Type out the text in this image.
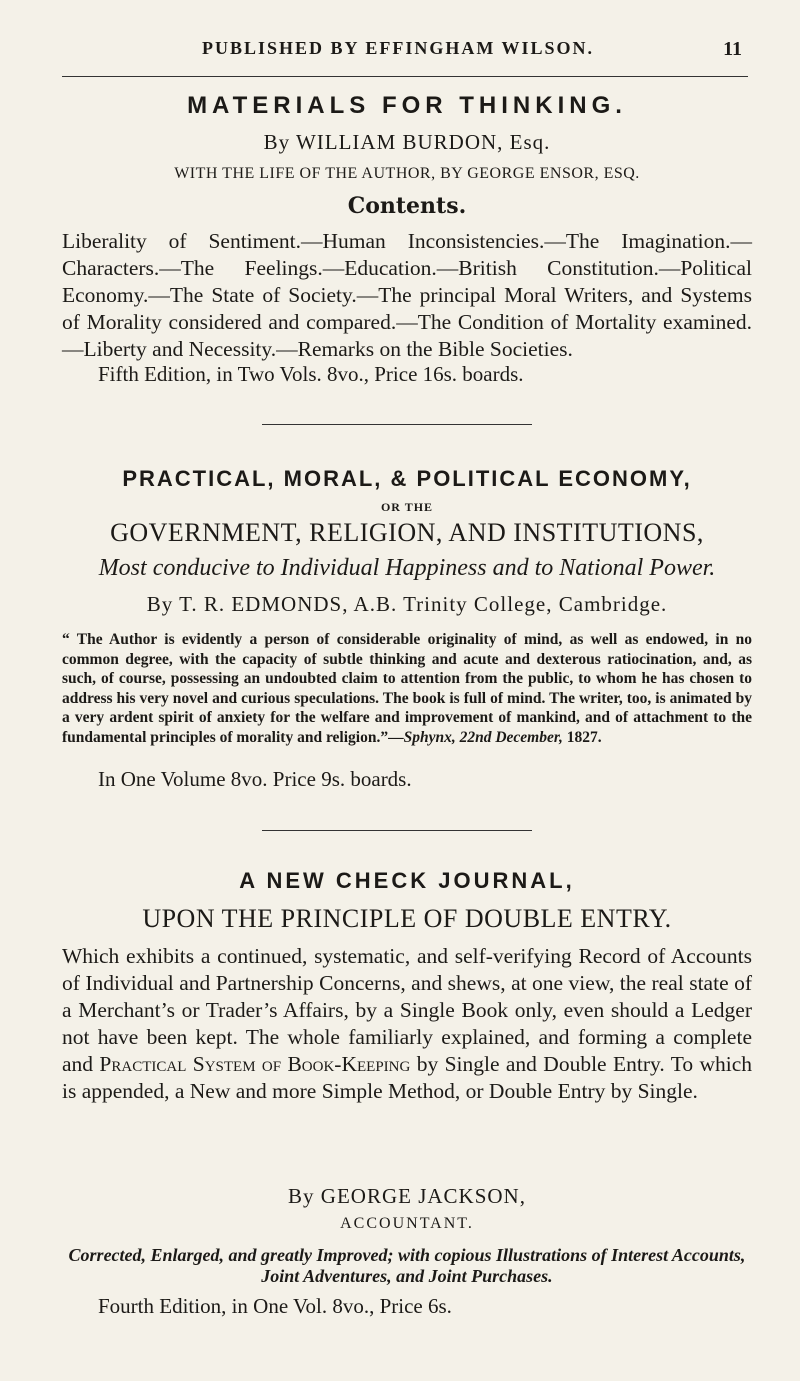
PUBLISHED BY EFFINGHAM WILSON.	11
MATERIALS FOR THINKING.
By WILLIAM BURDON, Esq.
WITH THE LIFE OF THE AUTHOR, BY GEORGE ENSOR, ESQ.
Contents.
Liberality of Sentiment.—Human Inconsistencies.—The Imagination.—Characters.—The Feelings.—Education.—British Constitution.—Political Economy.—The State of Society.—The principal Moral Writers, and Systems of Morality considered and compared.—The Condition of Mortality examined.—Liberty and Necessity.—Remarks on the Bible Societies.
Fifth Edition, in Two Vols. 8vo., Price 16s. boards.
PRACTICAL, MORAL, & POLITICAL ECONOMY,
OR THE
GOVERNMENT, RELIGION, AND INSTITUTIONS,
Most conducive to Individual Happiness and to National Power.
By T. R. EDMONDS, A.B. Trinity College, Cambridge.
“ The Author is evidently a person of considerable originality of mind, as well as endowed, in no common degree, with the capacity of subtle thinking and acute and dexterous ratiocination, and, as such, of course, possessing an undoubted claim to attention from the public, to whom he has chosen to address his very novel and curious speculations. The book is full of mind. The writer, too, is animated by a very ardent spirit of anxiety for the welfare and improvement of mankind, and of attachment to the fundamental principles of morality and religion.”—Sphynx, 22nd December, 1827.
In One Volume 8vo. Price 9s. boards.
A NEW CHECK JOURNAL,
UPON THE PRINCIPLE OF DOUBLE ENTRY.
Which exhibits a continued, systematic, and self-verifying Record of Accounts of Individual and Partnership Concerns, and shews, at one view, the real state of a Merchant’s or Trader’s Affairs, by a Single Book only, even should a Ledger not have been kept. The whole familiarly explained, and forming a complete and Practical System of Book-Keeping by Single and Double Entry. To which is appended, a New and more Simple Method, or Double Entry by Single.
By GEORGE JACKSON,
ACCOUNTANT.
Corrected, Enlarged, and greatly Improved; with copious Illustrations of Interest Accounts, Joint Adventures, and Joint Purchases.
Fourth Edition, in One Vol. 8vo., Price 6s.
